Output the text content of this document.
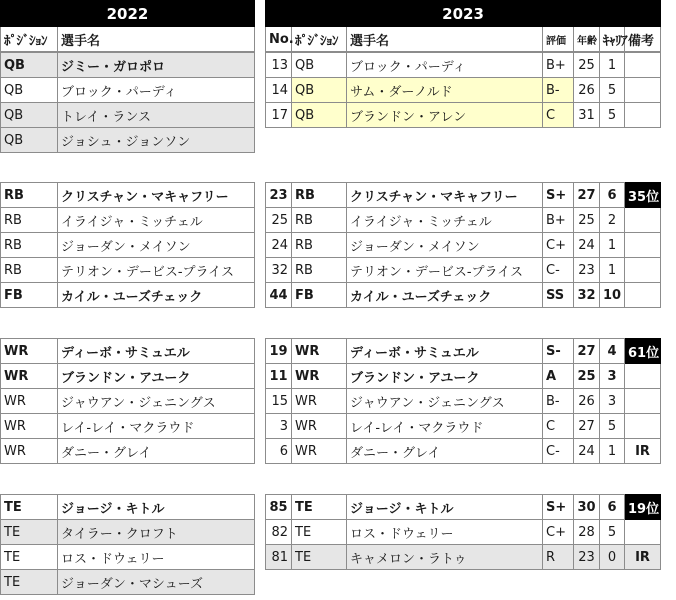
2022
ﾎﾟｼﾞｼｮﾝ	選手名
QB	ジミー・ガロポロ
QB	ブロック・パーディ
QB	トレイ・ランス
QB	ジョシュ・ジョンソン
RB	クリスチャン・マキャフリー
RB	イライジャ・ミッチェル
RB	ジョーダン・メイソン
RB	テリオン・デービス-プライス
FB	カイル・ユーズチェック
WR	ディーボ・サミュエル
WR	ブランドン・アユーク
WR	ジャウアン・ジェニングス
WR	レイ-レイ・マクラウド
WR	ダニー・グレイ
TE	ジョージ・キトル
TE	タイラー・クロフト
TE	ロス・ドウェリー
TE	ジョーダン・マシューズ
2023
No.	ﾎﾟｼﾞｼｮﾝ	選手名	評価	年齢	ｷｬﾘｱ	備考
13	QB	ブロック・パーディ	B+	25	1	
14	QB	サム・ダーノルド	B-	26	5	
17	QB	ブランドン・アレン	C	31	5	
23	RB	クリスチャン・マキャフリー	S+	27	6	35位
25	RB	イライジャ・ミッチェル	B+	25	2	
24	RB	ジョーダン・メイソン	C+	24	1	
32	RB	テリオン・デービス-プライス	C-	23	1	
44	FB	カイル・ユーズチェック	SS	32	10	
19	WR	ディーボ・サミュエル	S-	27	4	61位
11	WR	ブランドン・アユーク	A	25	3	
15	WR	ジャウアン・ジェニングス	B-	26	3	
3	WR	レイ-レイ・マクラウド	C	27	5	
6	WR	ダニー・グレイ	C-	24	1	IR
85	TE	ジョージ・キトル	S+	30	6	19位
82	TE	ロス・ドウェリー	C+	28	5	
81	TE	キャメロン・ラトゥ	R	23	0	IR
